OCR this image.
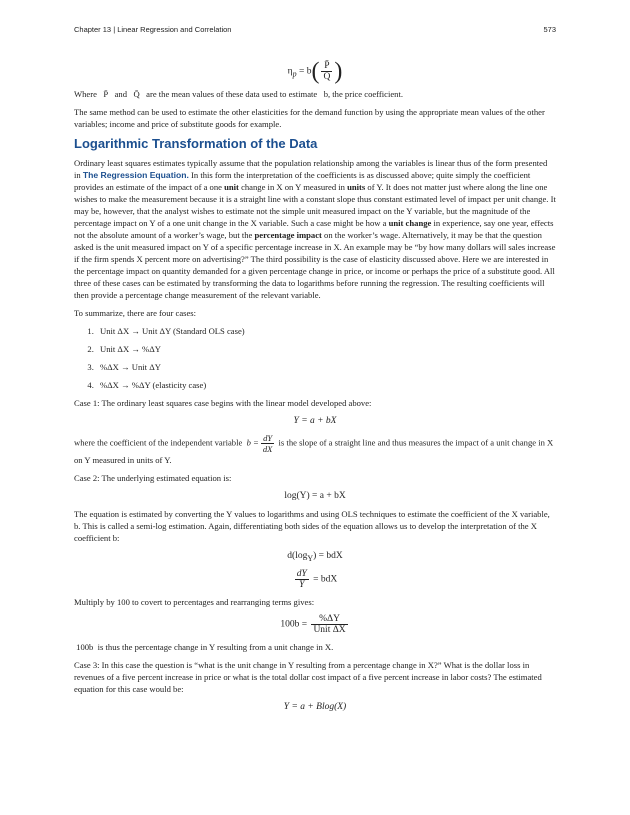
Chapter 13 | Linear Regression and Correlation	573
$\eta_p = b( \frac{P̄}{Q̄}$ )

Where P̄ and Q̄ are the mean values of these data used to estimate b, the price coefficient.

The same method can be used to estimate the other elasticities for the demand function by using the appropriate mean values of the other variables; income and price of substitute goods for example.

Logarithmic Transformation of the Data

Ordinary least squares estimates typically assume that the population relationship among the variables is linear thus of the form presented in The Regression Equation. In this form the interpretation of the coefficients is as discussed above; quite simply the coefficient provides an estimate of the impact of a one unit change in X on Y measured in units of Y. It does not matter just where along the line one wishes to make the measurement because it is a straight line with a constant slope thus constant estimated level of impact per unit change. It may be, however, that the analyst wishes to estimate not the simple unit measured impact on the Y variable, but the magnitude of the percentage impact on Y of a one unit change in the X variable. Such a case might be how a unit change in experience, say one year, effects not the absolute amount of a worker’s wage, but the percentage impact on the worker’s wage. Alternatively, it may be that the question asked is the unit measured impact on Y of a specific percentage increase in X. An example may be “by how many dollars will sales increase if the firm spends X percent more on advertising?” The third possibility is the case of elasticity discussed above. Here we are interested in the percentage impact on quantity demanded for a given percentage change in price, or income or perhaps the price of a substitute good. All three of these cases can be estimated by transforming the data to logarithms before running the regression. The resulting coefficients will then provide a percentage change measurement of the relevant variable.

To summarize, there are four cases:

1. Unit ΔX → Unit ΔY (Standard OLS case)
2. Unit ΔX → %ΔY
3. %ΔX → Unit ΔY
4. %ΔX → %ΔY (elasticity case)

Case 1: The ordinary least squares case begins with the linear model developed above:

Y = a + bX

where the coefficient of the independent variable $b = \frac{dY}{dX}$ is the slope of a straight line and thus measures the impact of a unit change in X on Y measured in units of Y.

Case 2: The underlying estimated equation is:

log(Y) = a + bX

The equation is estimated by converting the Y values to logarithms and using OLS techniques to estimate the coefficient of the X variable, b. This is called a semi-log estimation. Again, differentiating both sides of the equation allows us to develop the interpretation of the X coefficient b:

$d(\log_Y)$ = bdX
$\frac{dY}{Y}$ = bdX

Multiply by 100 to covert to percentages and rearranging terms gives:

$100b = \frac{\%\Delta Y}{\text{Unit ΔX}}$

100b is thus the percentage change in Y resulting from a unit change in X.

Case 3: In this case the question is “what is the unit change in Y resulting from a percentage change in X?” What is the dollar loss in revenues of a five percent increase in price or what is the total dollar cost impact of a five percent increase in labor costs? The estimated equation for this case would be:

Y = a + Blog(X)
